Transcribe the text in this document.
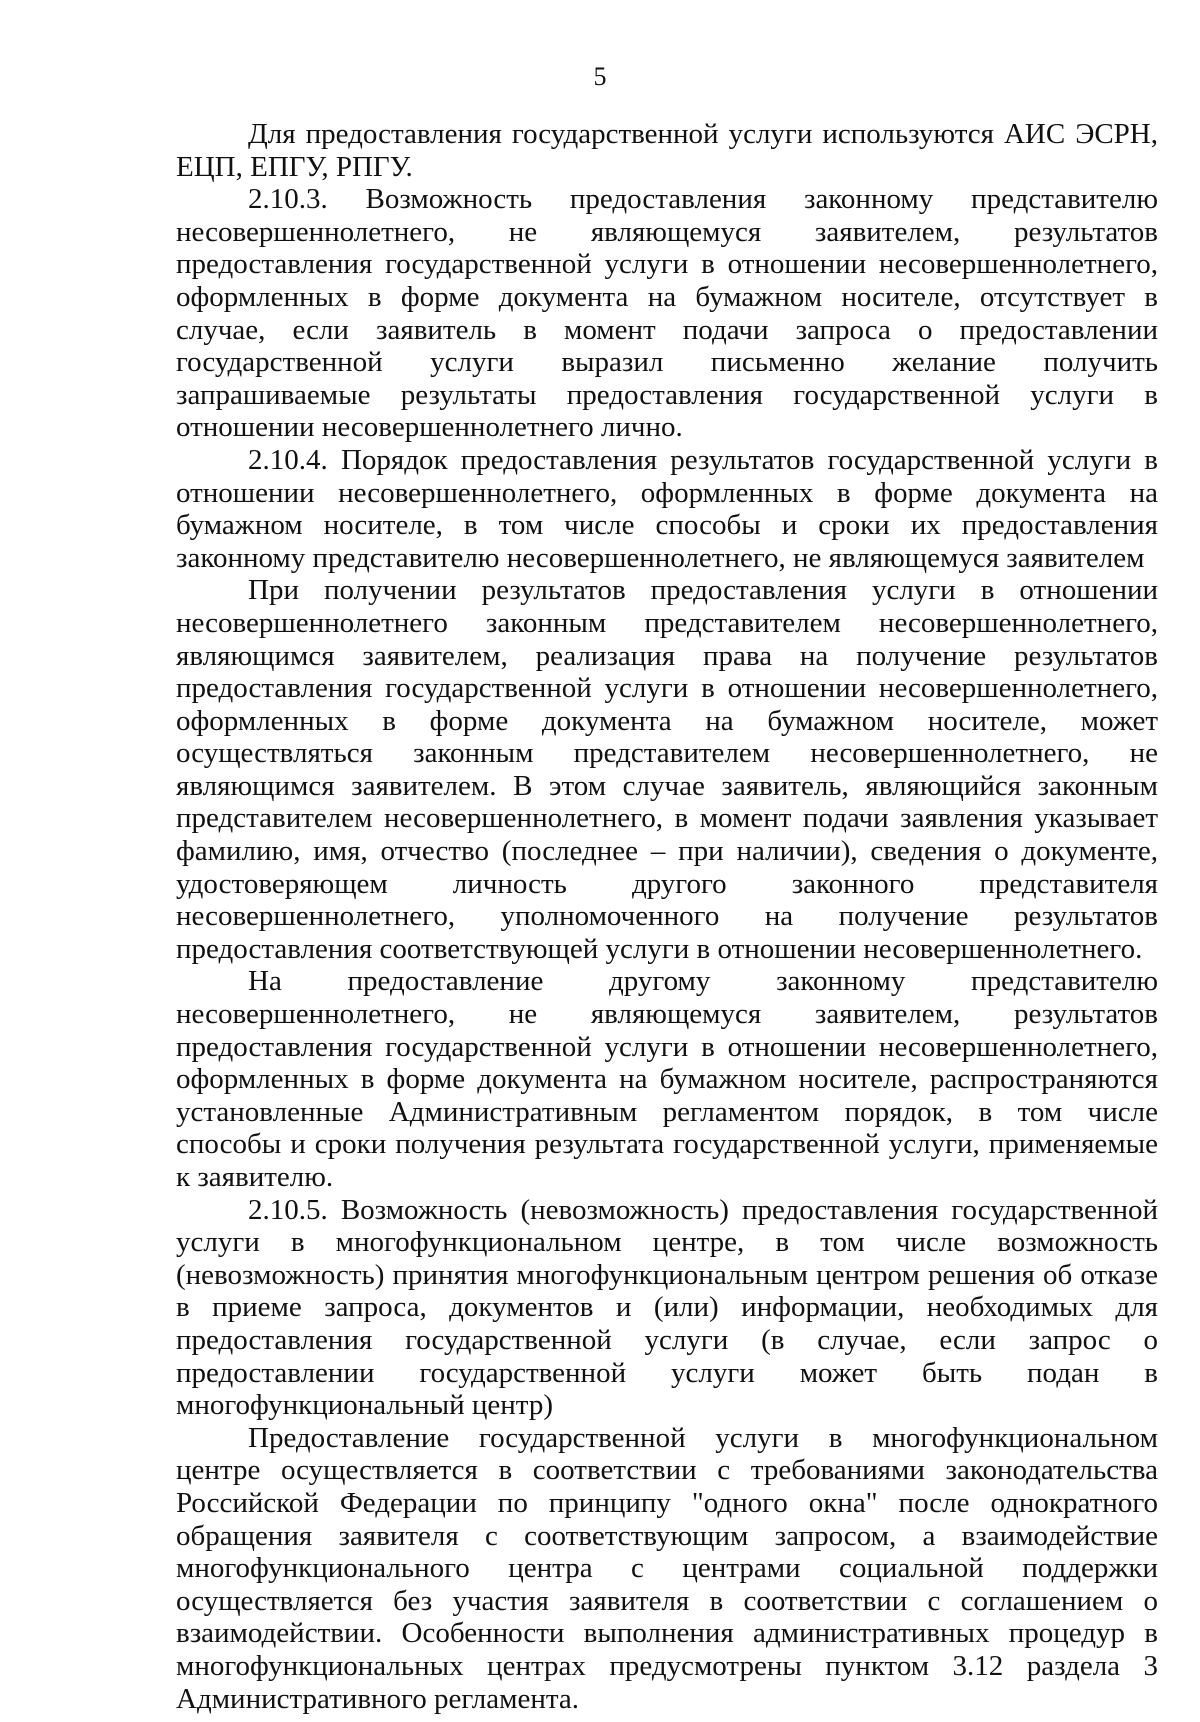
5

Для предоставления государственной услуги используются АИС ЭСРН, ЕЦП, ЕПГУ, РПГУ.

2.10.3. Возможность предоставления законному представителю несовершеннолетнего, не являющемуся заявителем, результатов предоставления государственной услуги в отношении несовершеннолетнего, оформленных в форме документа на бумажном носителе, отсутствует в случае, если заявитель в момент подачи запроса о предоставлении государственной услуги выразил письменно желание получить запрашиваемые результаты предоставления государственной услуги в отношении несовершеннолетнего лично.

2.10.4. Порядок предоставления результатов государственной услуги в отношении несовершеннолетнего, оформленных в форме документа на бумажном носителе, в том числе способы и сроки их предоставления законному представителю несовершеннолетнего, не являющемуся заявителем

При получении результатов предоставления услуги в отношении несовершеннолетнего законным представителем несовершеннолетнего, являющимся заявителем, реализация права на получение результатов предоставления государственной услуги в отношении несовершеннолетнего, оформленных в форме документа на бумажном носителе, может осуществляться законным представителем несовершеннолетнего, не являющимся заявителем. В этом случае заявитель, являющийся законным представителем несовершеннолетнего, в момент подачи заявления указывает фамилию, имя, отчество (последнее – при наличии), сведения о документе, удостоверяющем личность другого законного представителя несовершеннолетнего, уполномоченного на получение результатов предоставления соответствующей услуги в отношении несовершеннолетнего.

На предоставление другому законному представителю несовершеннолетнего, не являющемуся заявителем, результатов предоставления государственной услуги в отношении несовершеннолетнего, оформленных в форме документа на бумажном носителе, распространяются установленные Административным регламентом порядок, в том числе способы и сроки получения результата государственной услуги, применяемые к заявителю.

2.10.5. Возможность (невозможность) предоставления государственной услуги в многофункциональном центре, в том числе возможность (невозможность) принятия многофункциональным центром решения об отказе в приеме запроса, документов и (или) информации, необходимых для предоставления государственной услуги (в случае, если запрос о предоставлении государственной услуги может быть подан в многофункциональный центр)

Предоставление государственной услуги в многофункциональном центре осуществляется в соответствии с требованиями законодательства Российской Федерации по принципу "одного окна" после однократного обращения заявителя с соответствующим запросом, а взаимодействие многофункционального центра с центрами социальной поддержки осуществляется без участия заявителя в соответствии с соглашением о взаимодействии. Особенности выполнения административных процедур в многофункциональных центрах предусмотрены пунктом 3.12 раздела 3 Административного регламента.
